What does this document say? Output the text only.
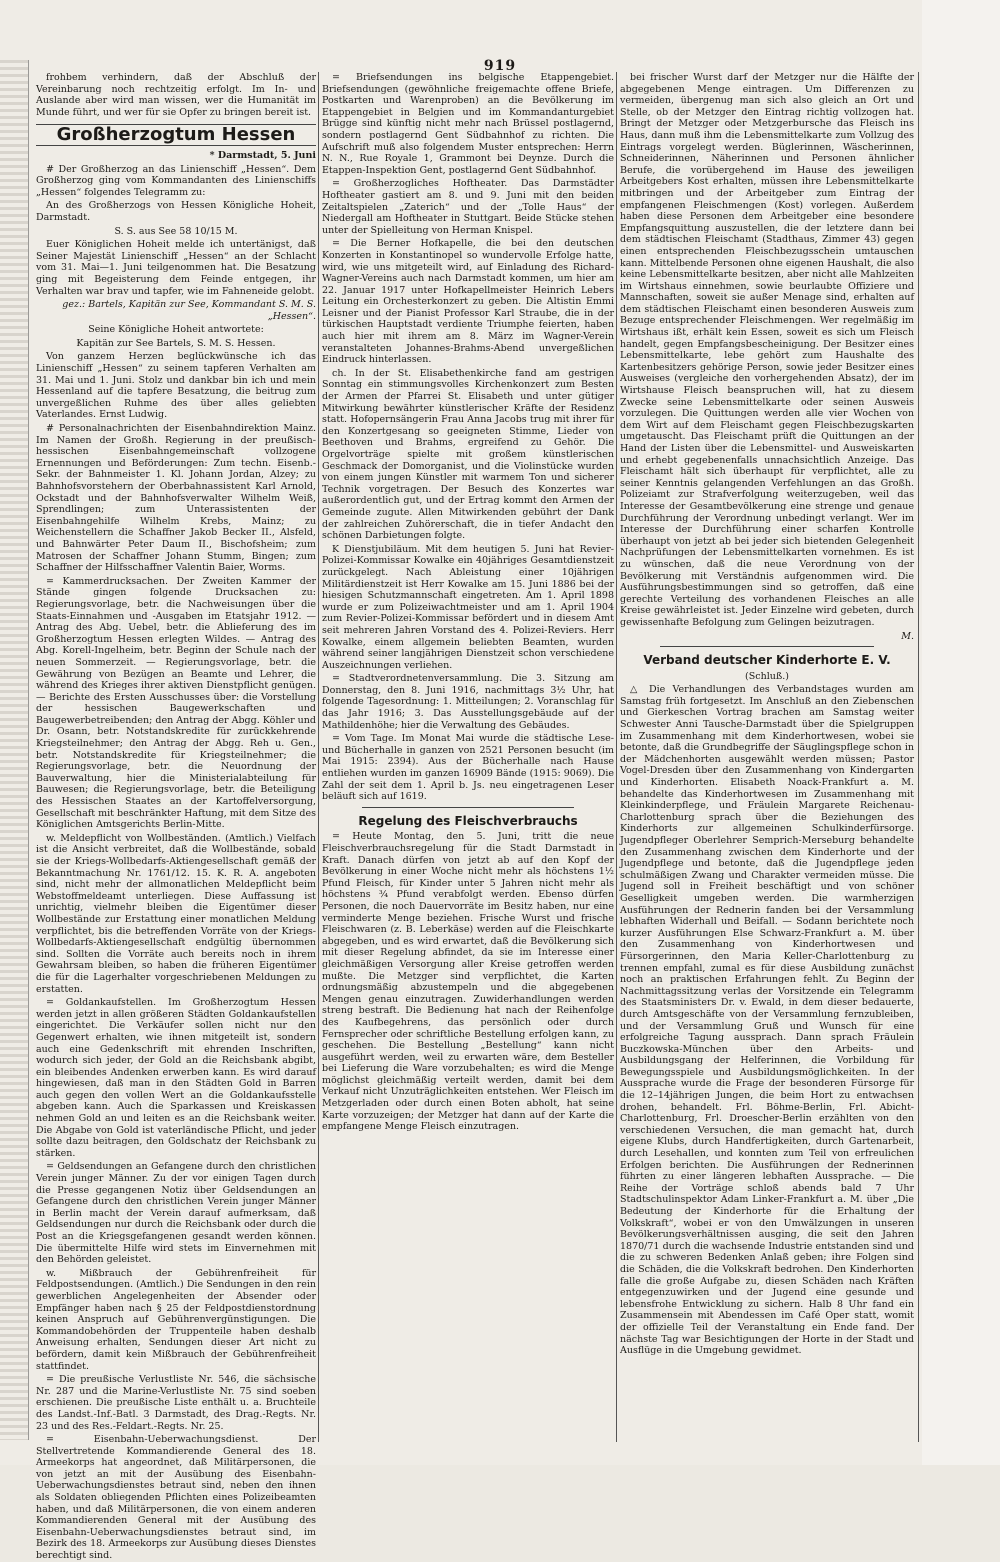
919

frohbem verhindern, daß der Abschluß der Vereinbarung noch rechtzeitig erfolgt. Im In- und Auslande aber wird man wissen, wer die Humanität im Munde führt, und wer für sie Opfer zu bringen bereit ist.

Großherzogtum Hessen
* Darmstadt, 5. Juni

# Der Großherzog an das Linienschiff „Hessen“. Dem Großherzog ging vom Kommandanten des Linienschiffs „Hessen“ folgendes Telegramm zu:

An des Großherzogs von Hessen Königliche Hoheit, Darmstadt.

S. S. aus See 58 10/15 M.

Euer Königlichen Hoheit melde ich untertänigst, daß Seiner Majestät Linienschiff „Hessen“ an der Schlacht vom 31. Mai—1. Juni teilgenommen hat. Die Besatzung ging mit Begeisterung dem Feinde entgegen, ihr Verhalten war brav und tapfer, wie im Fahneneide gelobt.

gez.: Bartels, Kapitän zur See, Kommandant S. M. S. „Hessen“.

Seine Königliche Hoheit antwortete:

Kapitän zur See Bartels, S. M. S. Hessen.

Von ganzem Herzen beglückwünsche ich das Linienschiff „Hessen“ zu seinem tapferen Verhalten am 31. Mai und 1. Juni. Stolz und dankbar bin ich und mein Hessenland auf die tapfere Besatzung, die beitrug zum unvergeßlichen Ruhme des über alles geliebten Vaterlandes. Ernst Ludwig.

# Personalnachrichten der Eisenbahndirektion Mainz. Im Namen der Großh. Regierung in der preußisch-hessischen Eisenbahngemeinschaft vollzogene Ernennungen und Beförderungen: Zum techn. Eisenb.-Sekr. der Bahnmeister 1. Kl. Johann Jordan, Alzey; zu Bahnhofsvorstehern der Oberbahnassistent Karl Arnold, Ockstadt und der Bahnhofsverwalter Wilhelm Weiß, Sprendlingen; zum Unterassistenten der Eisenbahngehilfe Wilhelm Krebs, Mainz; zu Weichenstellern die Schaffner Jakob Becker II., Alsfeld, und Bahnwärter Peter Daum II., Bischofsheim; zum Matrosen der Schaffner Johann Stumm, Bingen; zum Schaffner der Hilfsschaffner Valentin Baier, Worms.

= Kammerdrucksachen. Der Zweiten Kammer der Stände gingen folgende Drucksachen zu: Regierungsvorlage, betr. die Nachweisungen über die Staats-Einnahmen und -Ausgaben im Etatsjahr 1912. — Antrag des Abg. Uebel, betr. die Ablieferung des im Großherzogtum Hessen erlegten Wildes. — Antrag des Abg. Korell-Ingelheim, betr. Beginn der Schule nach der neuen Sommerzeit. — Regierungsvorlage, betr. die Gewährung von Bezügen an Beamte und Lehrer, die während des Krieges ihrer aktiven Dienstpflicht genügen. — Berichte des Ersten Ausschusses über: die Vorstellung der hessischen Baugewerkschaften und Baugewerbetreibenden; den Antrag der Abgg. Köhler und Dr. Osann, betr. Notstandskredite für zurückkehrende Kriegsteilnehmer; den Antrag der Abgg. Reh u. Gen., betr. Notstandskredite für Kriegsteilnehmer; die Regierungsvorlage, betr. die Neuordnung der Bauverwaltung, hier die Ministerialabteilung für Bauwesen; die Regierungsvorlage, betr. die Beteiligung des Hessischen Staates an der Kartoffelversorgung, Gesellschaft mit beschränkter Haftung, mit dem Sitze des Königlichen Amtsgerichts Berlin-Mitte.

w. Meldepflicht von Wollbeständen. (Amtlich.) Vielfach ist die Ansicht verbreitet, daß die Wollbestände, sobald sie der Kriegs-Wollbedarfs-Aktiengesellschaft gemäß der Bekanntmachung Nr. 1761/12. 15. K. R. A. angeboten sind, nicht mehr der allmonatlichen Meldepflicht beim Webstoffmeldeamt unterliegen. Diese Auffassung ist unrichtig, vielmehr bleiben die Eigentümer dieser Wollbestände zur Erstattung einer monatlichen Meldung verpflichtet, bis die betreffenden Vorräte von der Kriegs-Wollbedarfs-Aktiengesellschaft endgültig übernommen sind. Sollten die Vorräte auch bereits noch in ihrem Gewahrsam bleiben, so haben die früheren Eigentümer die für die Lagerhalter vorgeschriebenen Meldungen zu erstatten.

= Goldankaufstellen. Im Großherzogtum Hessen werden jetzt in allen größeren Städten Goldankaufstellen eingerichtet. Die Verkäufer sollen nicht nur den Gegenwert erhalten, wie ihnen mitgeteilt ist, sondern auch eine Gedenkschrift mit ehrenden Inschriften, wodurch sich jeder, der Gold an die Reichsbank abgibt, ein bleibendes Andenken erwerben kann. Es wird darauf hingewiesen, daß man in den Städten Gold in Barren auch gegen den vollen Wert an die Goldankaufsstelle abgeben kann. Auch die Sparkassen und Kreiskassen nehmen Gold an und leiten es an die Reichsbank weiter. Die Abgabe von Gold ist vaterländische Pflicht, und jeder sollte dazu beitragen, den Goldschatz der Reichsbank zu stärken.

= Geldsendungen an Gefangene durch den christlichen Verein junger Männer. Zu der vor einigen Tagen durch die Presse gegangenen Notiz über Geldsendungen an Gefangene durch den christlichen Verein junger Männer in Berlin macht der Verein darauf aufmerksam, daß Geldsendungen nur durch die Reichsbank oder durch die Post an die Kriegsgefangenen gesandt werden können. Die übermittelte Hilfe wird stets im Einvernehmen mit den Behörden geleistet.

w. Mißbrauch der Gebührenfreiheit für Feldpostsendungen. (Amtlich.) Die Sendungen in den rein gewerblichen Angelegenheiten der Absender oder Empfänger haben nach § 25 der Feldpostdienstordnung keinen Anspruch auf Gebührenvergünstigungen. Die Kommandobehörden der Truppenteile haben deshalb Anweisung erhalten, Sendungen dieser Art nicht zu befördern, damit kein Mißbrauch der Gebührenfreiheit stattfindet.

= Die preußische Verlustliste Nr. 546, die sächsische Nr. 287 und die Marine-Verlustliste Nr. 75 sind soeben erschienen. Die preußische Liste enthält u. a. Bruchteile des Landst.-Inf.-Batl. 3 Darmstadt, des Drag.-Regts. Nr. 23 und des Res.-Feldart.-Regts. Nr. 25.

= Eisenbahn-Ueberwachungsdienst. Der Stellvertretende Kommandierende General des 18. Armeekorps hat angeordnet, daß Militärpersonen, die von jetzt an mit der Ausübung des Eisenbahn-Ueberwachungsdienstes betraut sind, neben den ihnen als Soldaten obliegenden Pflichten eines Polizeibeamten haben, und daß Militärpersonen, die von einem anderen Kommandierenden General mit der Ausübung des Eisenbahn-Ueberwachungsdienstes betraut sind, im Bezirk des 18. Armeekorps zur Ausübung dieses Dienstes berechtigt sind.

= Briefsendungen ins belgische Etappengebiet. Briefsendungen (gewöhnliche freigemachte offene Briefe, Postkarten und Warenproben) an die Bevölkerung im Etappengebiet in Belgien und im Kommandanturgebiet Brügge sind künftig nicht mehr nach Brüssel postlagernd, sondern postlagernd Gent Südbahnhof zu richten. Die Aufschrift muß also folgendem Muster entsprechen: Herrn N. N., Rue Royale 1, Grammont bei Deynze. Durch die Etappen-Inspektion Gent, postlagernd Gent Südbahnhof.

= Großherzogliches Hoftheater. Das Darmstädter Hoftheater gastiert am 8. und 9. Juni mit den beiden Zeitaltspielen „Zaterich“ und der „Tolle Haus“ der Niedergall am Hoftheater in Stuttgart. Beide Stücke stehen unter der Spielleitung von Herman Knispel.

= Die Berner Hofkapelle, die bei den deutschen Konzerten in Konstantinopel so wundervolle Erfolge hatte, wird, wie uns mitgeteilt wird, auf Einladung des Richard-Wagner-Vereins auch nach Darmstadt kommen, um hier am 22. Januar 1917 unter Hofkapellmeister Heinrich Lebers Leitung ein Orchesterkonzert zu geben. Die Altistin Emmi Leisner und der Pianist Professor Karl Straube, die in der türkischen Hauptstadt verdiente Triumphe feierten, haben auch hier mit ihrem am 8. März im Wagner-Verein veranstalteten Johannes-Brahms-Abend unvergeßlichen Eindruck hinterlassen.

ch. In der St. Elisabethenkirche fand am gestrigen Sonntag ein stimmungsvolles Kirchenkonzert zum Besten der Armen der Pfarrei St. Elisabeth und unter gütiger Mitwirkung bewährter künstlerischer Kräfte der Residenz statt. Hofopernsängerin Frau Anna Jacobs trug mit ihrer für den Konzertgesang so geeigneten Stimme, Lieder von Beethoven und Brahms, ergreifend zu Gehör. Die Orgelvorträge spielte mit großem künstlerischen Geschmack der Domorganist, und die Violinstücke wurden von einem jungen Künstler mit warmem Ton und sicherer Technik vorgetragen. Der Besuch des Konzertes war außerordentlich gut, und der Ertrag kommt den Armen der Gemeinde zugute. Allen Mitwirkenden gebührt der Dank der zahlreichen Zuhörerschaft, die in tiefer Andacht den schönen Darbietungen folgte.

K Dienstjubiläum. Mit dem heutigen 5. Juni hat Revier-Polizei-Kommissar Kowalke ein 40jähriges Gesamtdienstzeit zurückgelegt. Nach Ableistung einer 10jährigen Militärdienstzeit ist Herr Kowalke am 15. Juni 1886 bei der hiesigen Schutzmannschaft eingetreten. Am 1. April 1898 wurde er zum Polizeiwachtmeister und am 1. April 1904 zum Revier-Polizei-Kommissar befördert und in diesem Amt seit mehreren Jahren Vorstand des 4. Polizei-Reviers. Herr Kowalke, einem allgemein beliebten Beamten, wurden während seiner langjährigen Dienstzeit schon verschiedene Auszeichnungen verliehen.

= Stadtverordnetenversammlung. Die 3. Sitzung am Donnerstag, den 8. Juni 1916, nachmittags 3½ Uhr, hat folgende Tagesordnung: 1. Mitteilungen; 2. Voranschlag für das Jahr 1916; 3. Das Ausstellungsgebäude auf der Mathildenhöhe; hier die Verwaltung des Gebäudes.

= Vom Tage. Im Monat Mai wurde die städtische Lese- und Bücherhalle in ganzen von 2521 Personen besucht (im Mai 1915: 2394). Aus der Bücherhalle nach Hause entliehen wurden im ganzen 16909 Bände (1915: 9069). Die Zahl der seit dem 1. April b. Js. neu eingetragenen Leser beläuft sich auf 1619.

Regelung des Fleischverbrauchs

= Heute Montag, den 5. Juni, tritt die neue Fleischverbrauchsregelung für die Stadt Darmstadt in Kraft. Danach dürfen von jetzt ab auf den Kopf der Bevölkerung in einer Woche nicht mehr als höchstens 1½ Pfund Fleisch, für Kinder unter 5 Jahren nicht mehr als höchstens ¾ Pfund verabfolgt werden. Ebenso dürfen Personen, die noch Dauervorräte im Besitz haben, nur eine verminderte Menge beziehen. Frische Wurst und frische Fleischwaren (z. B. Leberkäse) werden auf die Fleischkarte abgegeben, und es wird erwartet, daß die Bevölkerung sich mit dieser Regelung abfindet, da sie im Interesse einer gleichmäßigen Versorgung aller Kreise getroffen werden mußte. Die Metzger sind verpflichtet, die Karten ordnungsmäßig abzustempeln und die abgegebenen Mengen genau einzutragen. Zuwiderhandlungen werden streng bestraft. Die Bedienung hat nach der Reihenfolge des Kaufbegehrens, das persönlich oder durch Fernsprecher oder schriftliche Bestellung erfolgen kann, zu geschehen. Die Bestellung „Bestellung“ kann nicht ausgeführt werden, weil zu erwarten wäre, dem Besteller bei Lieferung die Ware vorzubehalten; es wird die Menge möglichst gleichmäßig verteilt werden, damit bei dem Verkauf nicht Unzuträglichkeiten entstehen. Wer Fleisch im Metzgerladen oder durch einen Boten abholt, hat seine Karte vorzuzeigen; der Metzger hat dann auf der Karte die empfangene Menge Fleisch einzutragen.

bei frischer Wurst darf der Metzger nur die Hälfte der abgegebenen Menge eintragen. Um Differenzen zu vermeiden, übergenug man sich also gleich an Ort und Stelle, ob der Metzger den Eintrag richtig vollzogen hat. Bringt der Metzger oder Metzgerbursche das Fleisch ins Haus, dann muß ihm die Lebensmittelkarte zum Vollzug des Eintrags vorgelegt werden. Büglerinnen, Wäscherinnen, Schneiderinnen, Näherinnen und Personen ähnlicher Berufe, die vorübergehend im Hause des jeweiligen Arbeitgebers Kost erhalten, müssen ihre Lebensmittelkarte mitbringen und der Arbeitgeber zum Eintrag der empfangenen Fleischmengen (Kost) vorlegen. Außerdem haben diese Personen dem Arbeitgeber eine besondere Empfangsquittung auszustellen, die der letztere dann bei dem städtischen Fleischamt (Stadthaus, Zimmer 43) gegen einen entsprechenden Fleischbezugsschein umtauschen kann. Mittelbende Personen ohne eigenen Haushalt, die also keine Lebensmittelkarte besitzen, aber nicht alle Mahlzeiten im Wirtshaus einnehmen, sowie beurlaubte Offiziere und Mannschaften, soweit sie außer Menage sind, erhalten auf dem städtischen Fleischamt einen besonderen Ausweis zum Bezuge entsprechender Fleischmengen. Wer regelmäßig im Wirtshaus ißt, erhält kein Essen, soweit es sich um Fleisch handelt, gegen Empfangsbescheinigung. Der Besitzer eines Lebensmittelkarte, lebe gehört zum Haushalte des Kartenbesitzers gehörige Person, sowie jeder Besitzer eines Ausweises (vergleiche den vorhergehenden Absatz), der im Wirtshause Fleisch beanspruchen will, hat zu diesem Zwecke seine Lebensmittelkarte oder seinen Ausweis vorzulegen. Die Quittungen werden alle vier Wochen von dem Wirt auf dem Fleischamt gegen Fleischbezugskarten umgetauscht. Das Fleischamt prüft die Quittungen an der Hand der Listen über die Lebensmittel- und Ausweiskarten und erhebt gegebenenfalls unnachsichtlich Anzeige. Das Fleischamt hält sich überhaupt für verpflichtet, alle zu seiner Kenntnis gelangenden Verfehlungen an das Großh. Polizeiamt zur Strafverfolgung weiterzugeben, weil das Interesse der Gesamtbevölkerung eine strenge und genaue Durchführung der Verordnung unbedingt verlangt. Wer im Interesse der Durchführung einer scharfen Kontrolle überhaupt von jetzt ab bei jeder sich bietenden Gelegenheit Nachprüfungen der Lebensmittelkarten vornehmen. Es ist zu wünschen, daß die neue Verordnung von der Bevölkerung mit Verständnis aufgenommen wird. Die Ausführungsbestimmungen sind so getroffen, daß eine gerechte Verteilung des vorhandenen Fleisches an alle Kreise gewährleistet ist. Jeder Einzelne wird gebeten, durch gewissenhafte Befolgung zum Gelingen beizutragen.

M.

Verband deutscher Kinderhorte E. V.

(Schluß.)

△ Die Verhandlungen des Verbandstages wurden am Samstag früh fortgesetzt. Im Anschluß an den Ziebenschen und Gierkeschen Vortrag brachen am Samstag weiter Schwester Anni Tausche-Darmstadt über die Spielgruppen im Zusammenhang mit dem Kinderhortwesen, wobei sie betonte, daß die Grundbegriffe der Säuglingspflege schon in der Mädchenhorten ausgewählt werden müssen; Pastor Vogel-Dresden über den Zusammenhang von Kindergarten und Kinderhorten. Elisabeth Noack-Frankfurt a. M. behandelte das Kinderhortwesen im Zusammenhang mit Kleinkinderpflege, und Fräulein Margarete Reichenau-Charlottenburg sprach über die Beziehungen des Kinderhorts zur allgemeinen Schulkinderfürsorge. Jugendpfleger Oberlehrer Semprich-Merseburg behandelte den Zusammenhang zwischen dem Kinderhorte und der Jugendpflege und betonte, daß die Jugendpflege jeden schulmäßigen Zwang und Charakter vermeiden müsse. Die Jugend soll in Freiheit beschäftigt und von schöner Geselligkeit umgeben werden. Die warmherzigen Ausführungen der Rednerin fanden bei der Versammlung lebhaften Widerhall und Beifall. — Sodann berichtete noch kurzer Ausführungen Else Schwarz-Frankfurt a. M. über den Zusammenhang von Kinderhortwesen und Fürsorgerinnen, den Maria Keller-Charlottenburg zu trennen empfahl, zumal es für diese Ausbildung zunächst noch an praktischen Erfahrungen fehlt. Zu Beginn der Nachmittagssitzung verlas der Vorsitzende ein Telegramm des Staatsministers Dr. v. Ewald, in dem dieser bedauerte, durch Amtsgeschäfte von der Versammlung fernzubleiben, und der Versammlung Gruß und Wunsch für eine erfolgreiche Tagung aussprach. Dann sprach Fräulein Buczkowska-München über den Arbeits- und Ausbildungsgang der Helferinnen, die Vorbildung für Bewegungsspiele und Ausbildungsmöglichkeiten. In der Aussprache wurde die Frage der besonderen Fürsorge für die 12–14jährigen Jungen, die beim Hort zu entwachsen drohen, behandelt. Frl. Böhme-Berlin, Frl. Abicht-Charlottenburg, Frl. Droescher-Berlin erzählten von den verschiedenen Versuchen, die man gemacht hat, durch eigene Klubs, durch Handfertigkeiten, durch Gartenarbeit, durch Lesehallen, und konnten zum Teil von erfreulichen Erfolgen berichten. Die Ausführungen der Rednerinnen führten zu einer längeren lebhaften Aussprache. — Die Reihe der Vorträge schloß abends bald 7 Uhr Stadtschulinspektor Adam Linker-Frankfurt a. M. über „Die Bedeutung der Kinderhorte für die Erhaltung der Volkskraft“, wobei er von den Umwälzungen in unseren Bevölkerungsverhältnissen ausging, die seit den Jahren 1870/71 durch die wachsende Industrie entstanden sind und die zu schweren Bedenken Anlaß geben; ihre Folgen sind die Schäden, die die Volkskraft bedrohen. Den Kinderhorten falle die große Aufgabe zu, diesen Schäden nach Kräften entgegenzuwirken und der Jugend eine gesunde und lebensfrohe Entwicklung zu sichern. Halb 8 Uhr fand ein Zusammensein mit Abendessen im Café Oper statt, womit der offizielle Teil der Veranstaltung ein Ende fand. Der nächste Tag war Besichtigungen der Horte in der Stadt und Ausflüge in die Umgebung gewidmet.
